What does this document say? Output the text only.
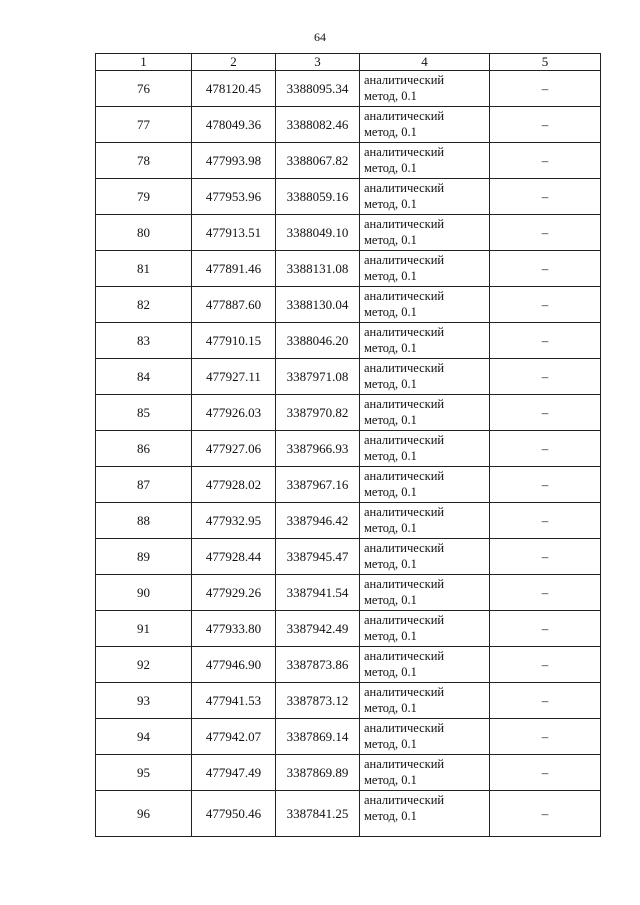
64
1	2	3	4	5
76	478120.45	3388095.34	аналитический
метод, 0.1	–
77	478049.36	3388082.46	аналитический
метод, 0.1	–
78	477993.98	3388067.82	аналитический
метод, 0.1	–
79	477953.96	3388059.16	аналитический
метод, 0.1	–
80	477913.51	3388049.10	аналитический
метод, 0.1	–
81	477891.46	3388131.08	аналитический
метод, 0.1	–
82	477887.60	3388130.04	аналитический
метод, 0.1	–
83	477910.15	3388046.20	аналитический
метод, 0.1	–
84	477927.11	3387971.08	аналитический
метод, 0.1	–
85	477926.03	3387970.82	аналитический
метод, 0.1	–
86	477927.06	3387966.93	аналитический
метод, 0.1	–
87	477928.02	3387967.16	аналитический
метод, 0.1	–
88	477932.95	3387946.42	аналитический
метод, 0.1	–
89	477928.44	3387945.47	аналитический
метод, 0.1	–
90	477929.26	3387941.54	аналитический
метод, 0.1	–
91	477933.80	3387942.49	аналитический
метод, 0.1	–
92	477946.90	3387873.86	аналитический
метод, 0.1	–
93	477941.53	3387873.12	аналитический
метод, 0.1	–
94	477942.07	3387869.14	аналитический
метод, 0.1	–
95	477947.49	3387869.89	аналитический
метод, 0.1	–
96	477950.46	3387841.25	аналитический
метод, 0.1	–
